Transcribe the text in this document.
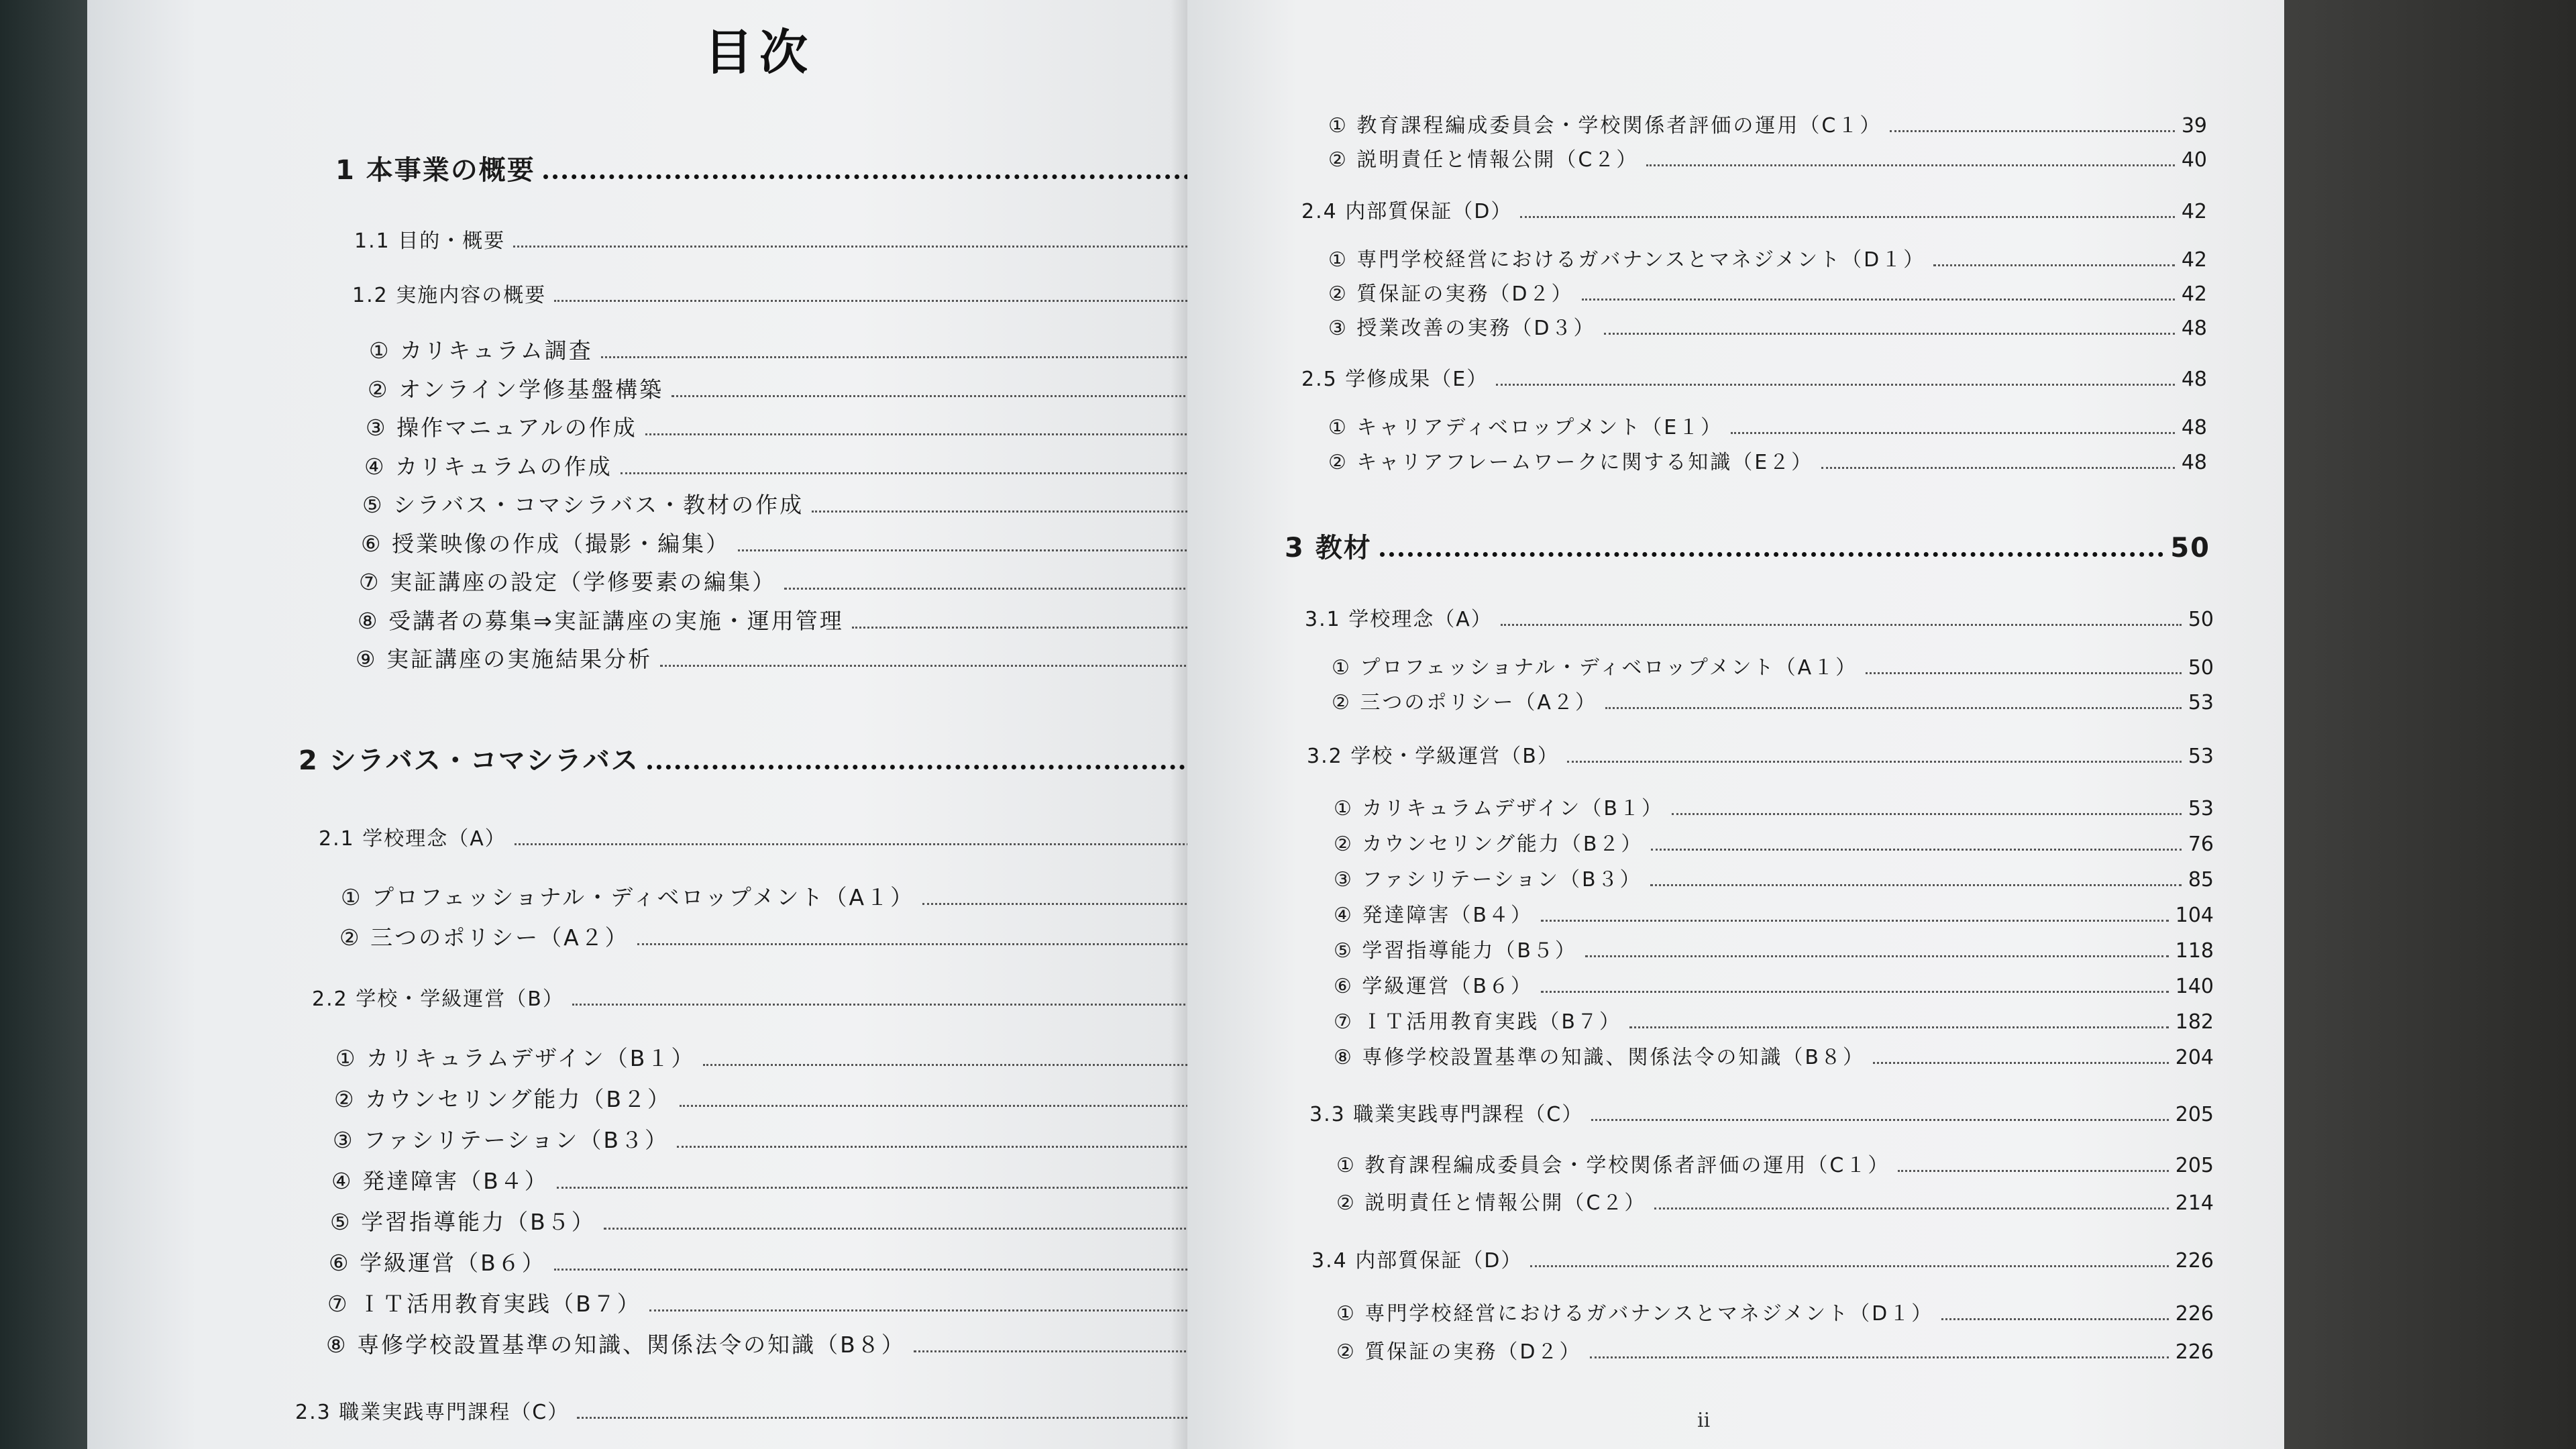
目次
1 本事業の概要
1.1 目的・概要
1.2 実施内容の概要
① カリキュラム調査
② オンライン学修基盤構築
③ 操作マニュアルの作成
④ カリキュラムの作成
⑤ シラバス・コマシラバス・教材の作成
⑥ 授業映像の作成（撮影・編集）
⑦ 実証講座の設定（学修要素の編集）
⑧ 受講者の募集⇒実証講座の実施・運用管理
⑨ 実証講座の実施結果分析
2 シラバス・コマシラバス
2.1 学校理念（A）
① プロフェッショナル・ディベロップメント（A１）
② 三つのポリシー（A２）
2.2 学校・学級運営（B）
① カリキュラムデザイン（B１）
② カウンセリング能力（B２）
③ ファシリテーション（B３）
④ 発達障害（B４）
⑤ 学習指導能力（B５）
⑥ 学級運営（B６）
⑦ ＩＴ活用教育実践（B７）
⑧ 専修学校設置基準の知識、関係法令の知識（B８）
2.3 職業実践専門課程（C）
① 教育課程編成委員会・学校関係者評価の運用（C１）	39
② 説明責任と情報公開（C２）	40
2.4 内部質保証（D）	42
① 専門学校経営におけるガバナンスとマネジメント（D１）	42
② 質保証の実務（D２）	42
③ 授業改善の実務（D３）	48
2.5 学修成果（E）	48
① キャリアディベロップメント（E１）	48
② キャリアフレームワークに関する知識（E２）	48
3 教材	50
3.1 学校理念（A）	50
① プロフェッショナル・ディベロップメント（A１）	50
② 三つのポリシー（A２）	53
3.2 学校・学級運営（B）	53
① カリキュラムデザイン（B１）	53
② カウンセリング能力（B２）	76
③ ファシリテーション（B３）	85
④ 発達障害（B４）	104
⑤ 学習指導能力（B５）	118
⑥ 学級運営（B６）	140
⑦ ＩＴ活用教育実践（B７）	182
⑧ 専修学校設置基準の知識、関係法令の知識（B８）	204
3.3 職業実践専門課程（C）	205
① 教育課程編成委員会・学校関係者評価の運用（C１）	205
② 説明責任と情報公開（C２）	214
3.4 内部質保証（D）	226
① 専門学校経営におけるガバナンスとマネジメント（D１）	226
② 質保証の実務（D２）	226
ii
